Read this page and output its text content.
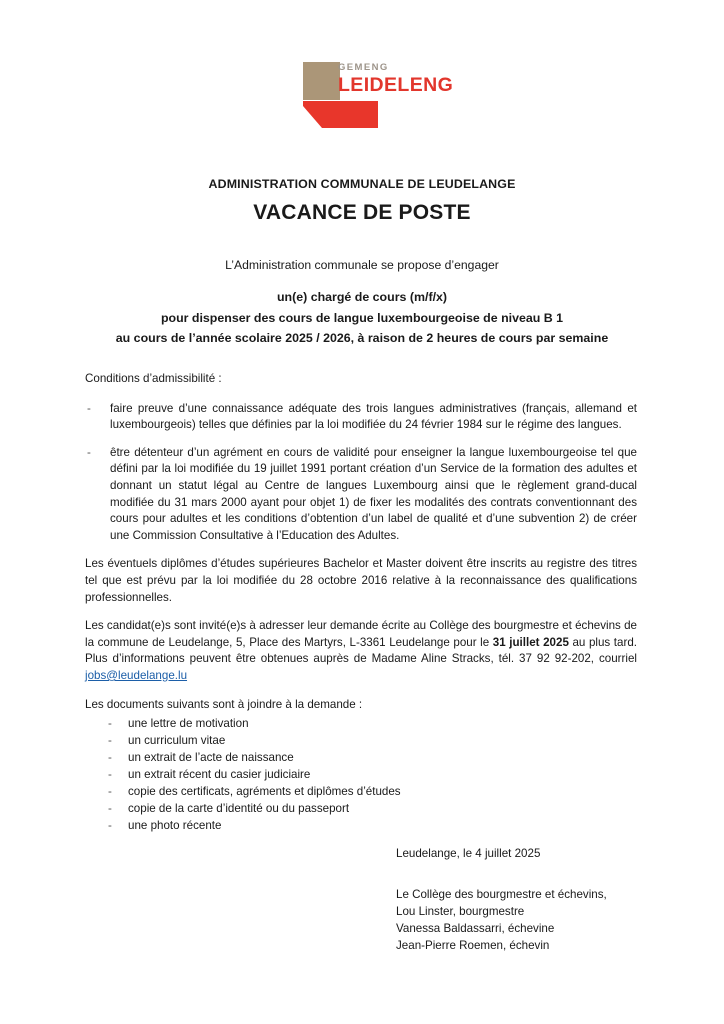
GEMENG
LEIDELENG
ADMINISTRATION COMMUNALE DE LEUDELANGE
VACANCE DE POSTE
L’Administration communale se propose d’engager
un(e) chargé de cours (m/f/x)
pour dispenser des cours de langue luxembourgeoise de niveau B 1
au cours de l’année scolaire 2025 / 2026, à raison de 2 heures de cours par semaine

Conditions d’admissibilité :

- faire preuve d’une connaissance adéquate des trois langues administratives (français, allemand et luxembourgeois) telles que définies par la loi modifiée du 24 février 1984 sur le régime des langues.
- être détenteur d’un agrément en cours de validité pour enseigner la langue luxembourgeoise tel que défini par la loi modifiée du 19 juillet 1991 portant création d’un Service de la formation des adultes et donnant un statut légal au Centre de langues Luxembourg ainsi que le règlement grand-ducal modifiée du 31 mars 2000 ayant pour objet 1) de fixer les modalités des contrats conventionnant des cours pour adultes et les conditions d’obtention d’un label de qualité et d’une subvention 2) de créer une Commission Consultative à l’Education des Adultes.

Les éventuels diplômes d’études supérieures Bachelor et Master doivent être inscrits au registre des titres tel que est prévu par la loi modifiée du 28 octobre 2016 relative à la reconnaissance des qualifications professionnelles.

Les candidat(e)s sont invité(e)s à adresser leur demande écrite au Collège des bourgmestre et échevins de la commune de Leudelange, 5, Place des Martyrs, L-3361 Leudelange pour le 31 juillet 2025 au plus tard. Plus d’informations peuvent être obtenues auprès de Madame Aline Stracks, tél. 37 92 92-202, courriel jobs@leudelange.lu

Les documents suivants sont à joindre à la demande :

- une lettre de motivation
- un curriculum vitae
- un extrait de l’acte de naissance
- un extrait récent du casier judiciaire
- copie des certificats, agréments et diplômes d’études
- copie de la carte d’identité ou du passeport
- une photo récente
Leudelange, le 4 juillet 2025
Le Collège des bourgmestre et échevins,
Lou Linster, bourgmestre
Vanessa Baldassarri, échevine
Jean-Pierre Roemen, échevin
